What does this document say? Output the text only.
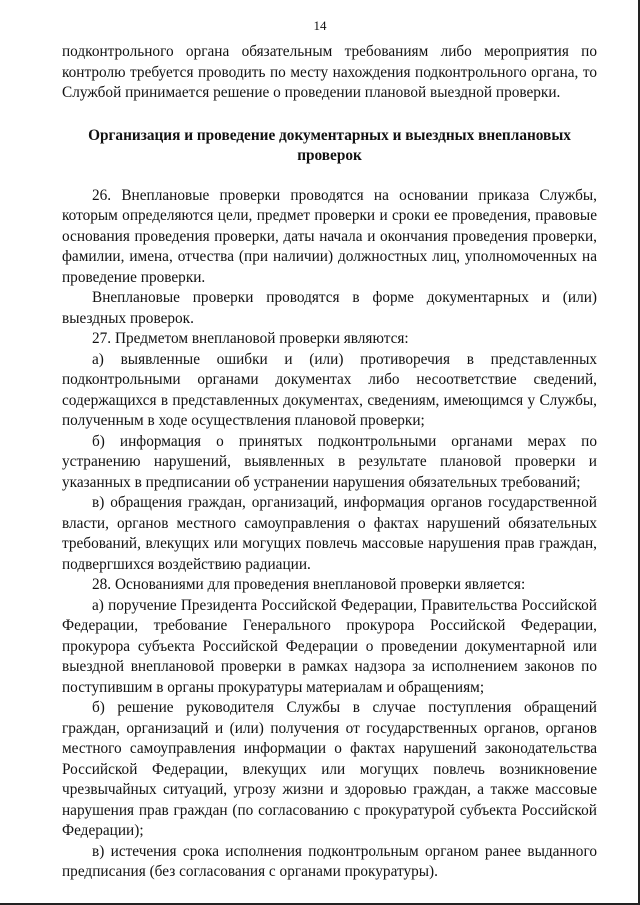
14

подконтрольного органа обязательным требованиям либо мероприятия по контролю требуется проводить по месту нахождения подконтрольного органа, то Службой принимается решение о проведении плановой выездной проверки.

Организация и проведение документарных и выездных внеплановых проверок

26. Внеплановые проверки проводятся на основании приказа Службы, которым определяются цели, предмет проверки и сроки ее проведения, правовые основания проведения проверки, даты начала и окончания проведения проверки, фамилии, имена, отчества (при наличии) должностных лиц, уполномоченных на проведение проверки.

Внеплановые проверки проводятся в форме документарных и (или) выездных проверок.

27. Предметом внеплановой проверки являются:

а) выявленные ошибки и (или) противоречия в представленных подконтрольными органами документах либо несоответствие сведений, содержащихся в представленных документах, сведениям, имеющимся у Службы, полученным в ходе осуществления плановой проверки;

б) информация о принятых подконтрольными органами мерах по устранению нарушений, выявленных в результате плановой проверки и указанных в предписании об устранении нарушения обязательных требований;

в) обращения граждан, организаций, информация органов государственной власти, органов местного самоуправления о фактах нарушений обязательных требований, влекущих или могущих повлечь массовые нарушения прав граждан, подвергшихся воздействию радиации.

28. Основаниями для проведения внеплановой проверки является:

а) поручение Президента Российской Федерации, Правительства Российской Федерации, требование Генерального прокурора Российской Федерации, прокурора субъекта Российской Федерации о проведении документарной или выездной внеплановой проверки в рамках надзора за исполнением законов по поступившим в органы прокуратуры материалам и обращениям;

б) решение руководителя Службы в случае поступления обращений граждан, организаций и (или) получения от государственных органов, органов местного самоуправления информации о фактах нарушений законодательства Российской Федерации, влекущих или могущих повлечь возникновение чрезвычайных ситуаций, угрозу жизни и здоровью граждан, а также массовые нарушения прав граждан (по согласованию с прокуратурой субъекта Российской Федерации);

в) истечения срока исполнения подконтрольным органом ранее выданного предписания (без согласования с органами прокуратуры).
